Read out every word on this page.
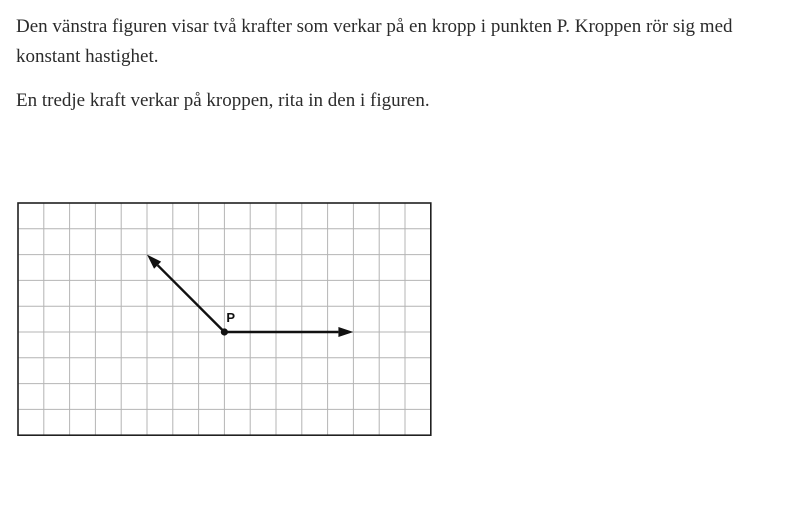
Den vänstra figuren visar två krafter som verkar på en kropp i punkten P. Kroppen rör sig med konstant hastighet.

En tredje kraft verkar på kroppen, rita in den i figuren.

P
